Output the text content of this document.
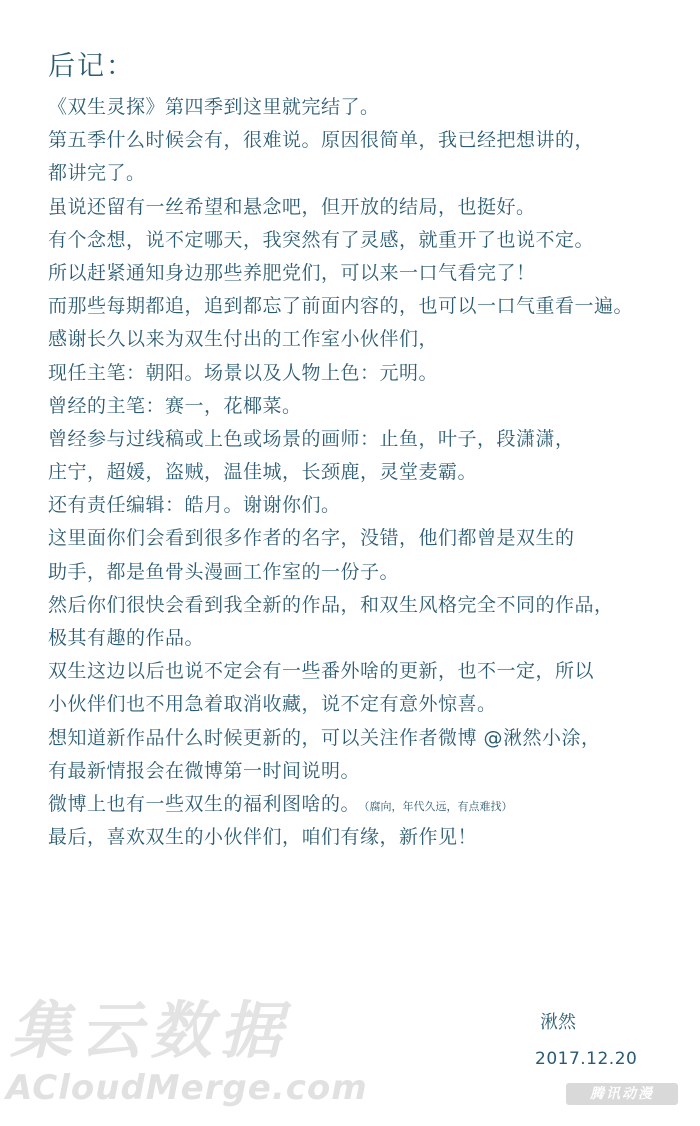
后记：
《双生灵探》第四季到这里就完结了。
第五季什么时候会有，很难说。原因很简单，我已经把想讲的，
都讲完了。
虽说还留有一丝希望和悬念吧，但开放的结局，也挺好。
有个念想，说不定哪天，我突然有了灵感，就重开了也说不定。
所以赶紧通知身边那些养肥党们，可以来一口气看完了！
而那些每期都追，追到都忘了前面内容的，也可以一口气重看一遍。
感谢长久以来为双生付出的工作室小伙伴们，
现任主笔：朝阳。场景以及人物上色：元明。
曾经的主笔：赛一，花椰菜。
曾经参与过线稿或上色或场景的画师：止鱼，叶子，段潇潇，
庄宁，超媛，盗贼，温佳城，长颈鹿，灵堂麦霸。
还有责任编辑：皓月。谢谢你们。
这里面你们会看到很多作者的名字，没错，他们都曾是双生的
助手，都是鱼骨头漫画工作室的一份子。
然后你们很快会看到我全新的作品，和双生风格完全不同的作品，
极其有趣的作品。
双生这边以后也说不定会有一些番外啥的更新，也不一定，所以
小伙伴们也不用急着取消收藏，说不定有意外惊喜。
想知道新作品什么时候更新的，可以关注作者微博 @湫然小涂，
有最新情报会在微博第一时间说明。
微博上也有一些双生的福利图啥的。 （腐向，年代久远，有点难找）
最后，喜欢双生的小伙伴们，咱们有缘，新作见！
湫然
2017.12.20
集云数据
ACloudMerge.com	腾讯动漫
